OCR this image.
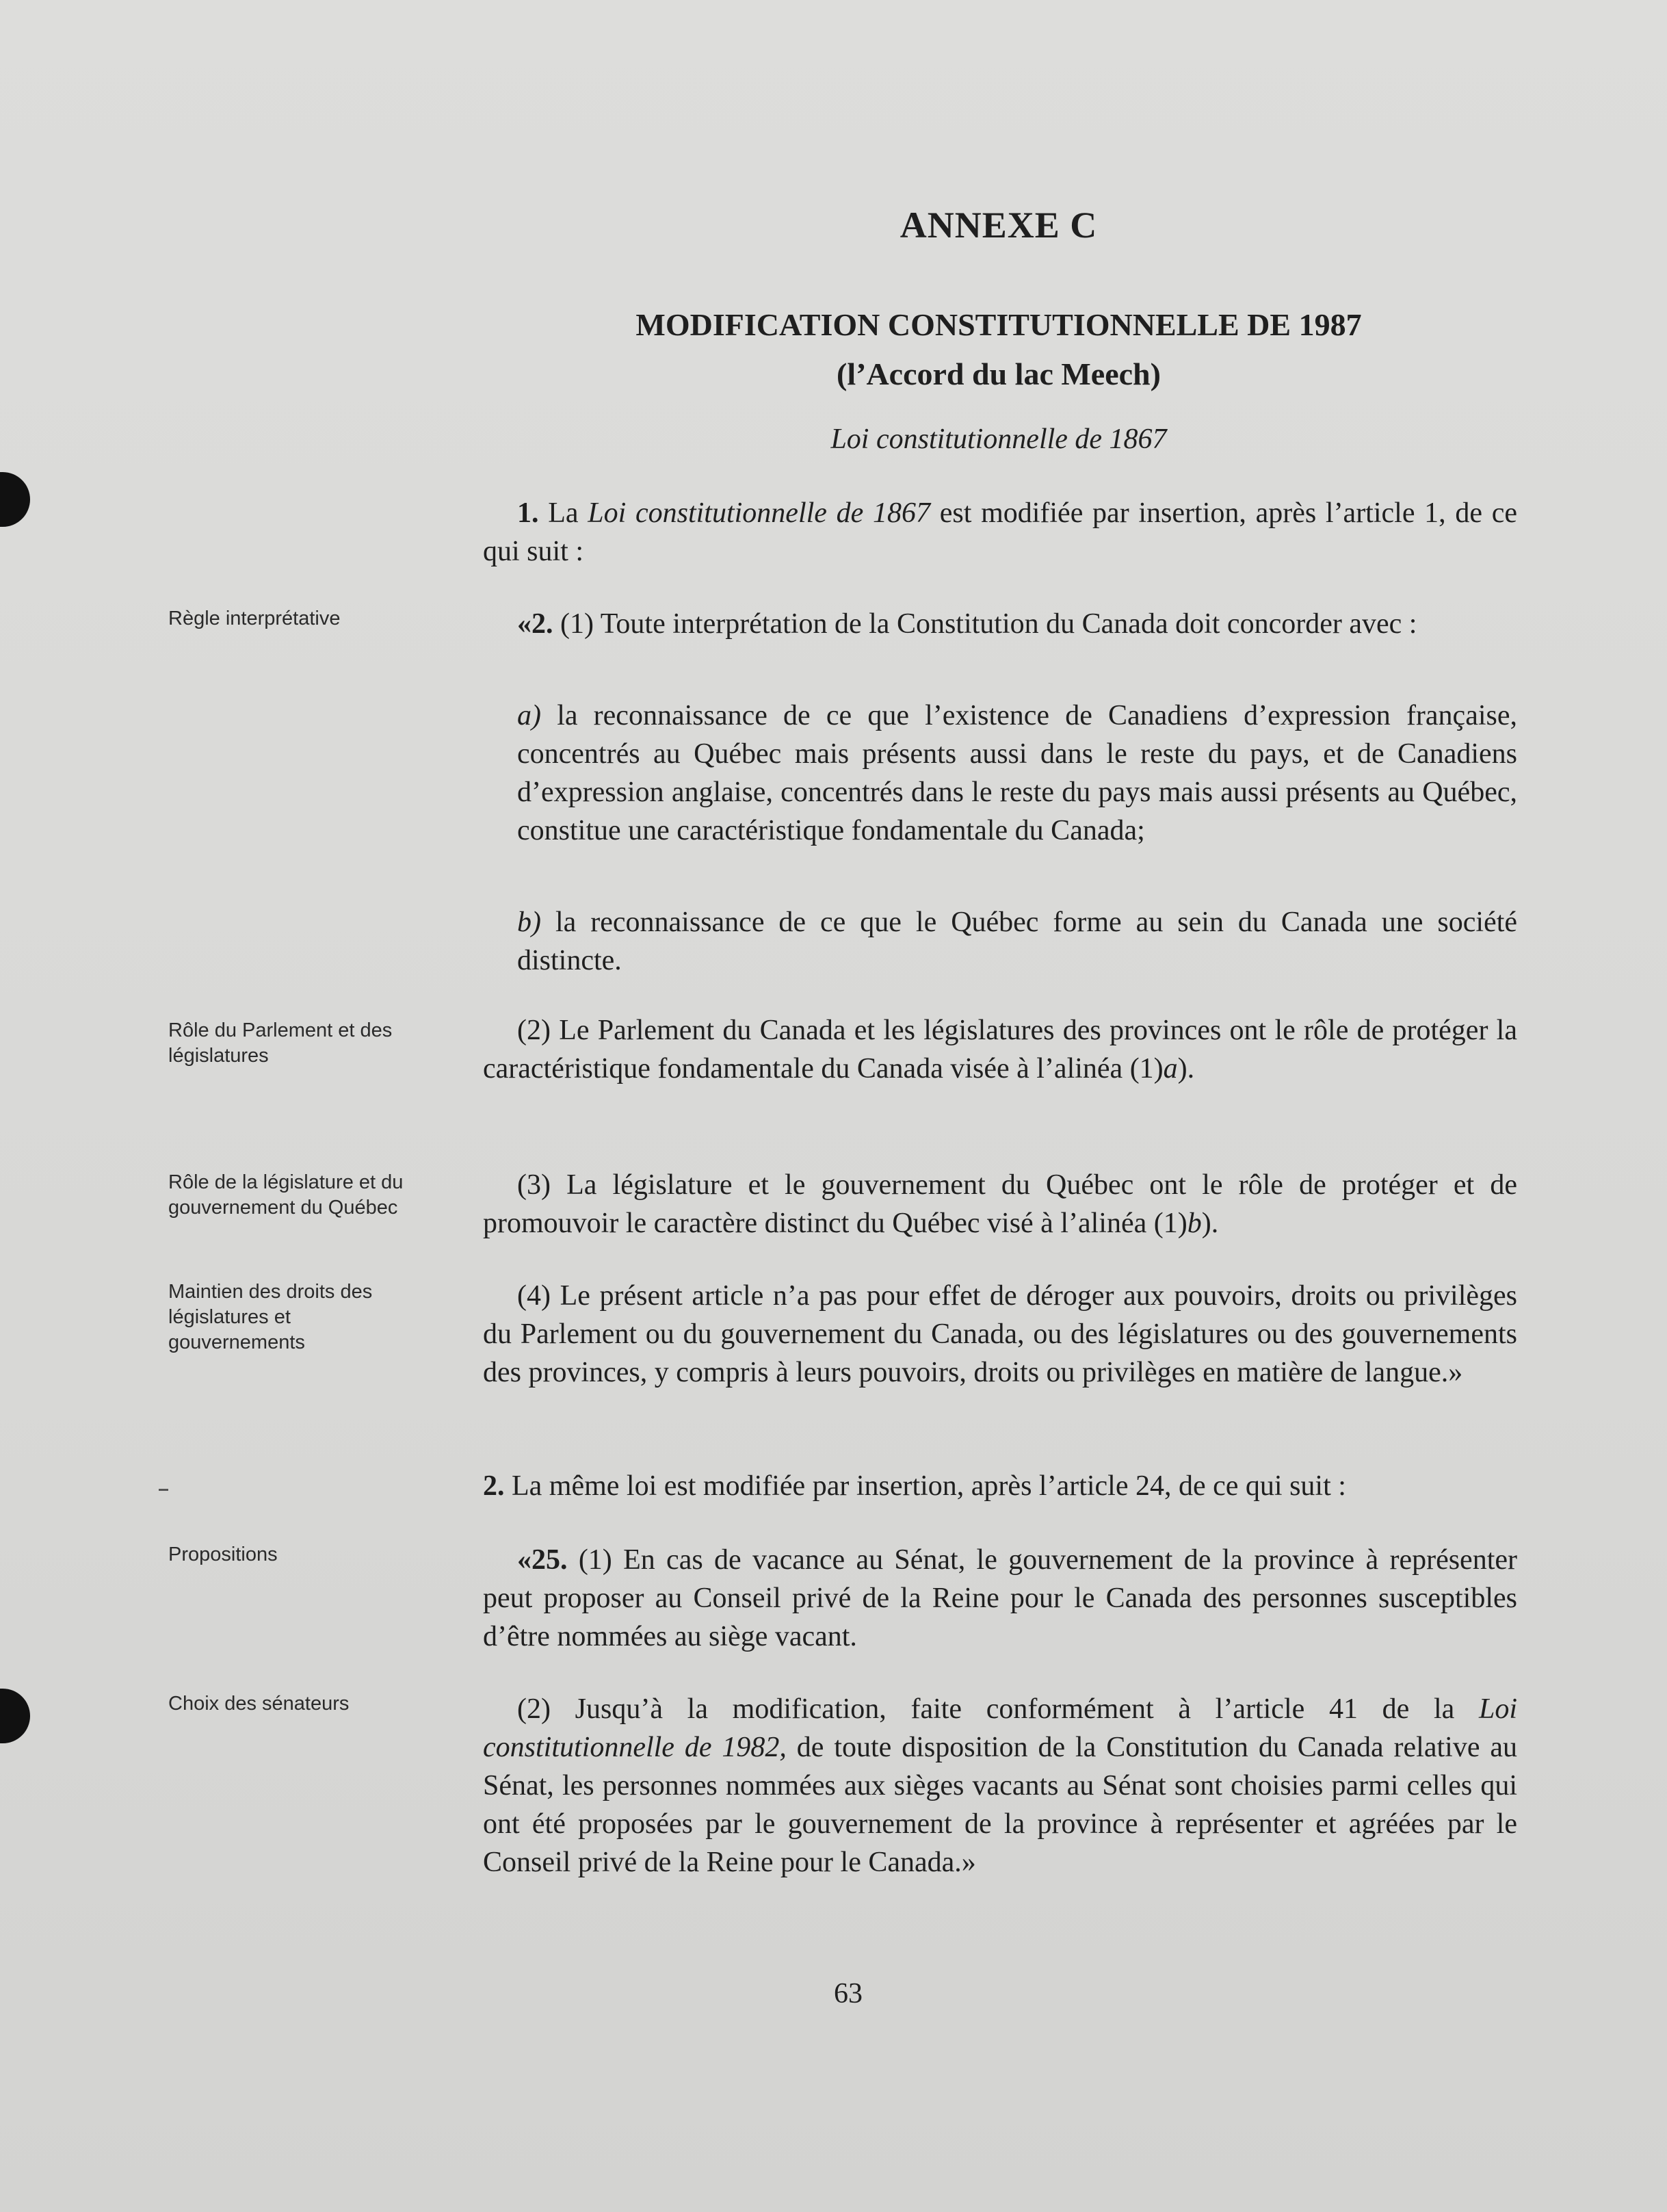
ANNEXE C
MODIFICATION CONSTITUTIONNELLE DE 1987
(l’Accord du lac Meech)
Loi constitutionnelle de 1867
1. La Loi constitutionnelle de 1867 est modifiée par insertion, après l’article 1, de ce qui suit :
Règle interprétative	«2. (1) Toute interprétation de la Constitution du Canada doit concorder avec :
a) la reconnaissance de ce que l’existence de Canadiens d’expression française, concentrés au Québec mais présents aussi dans le reste du pays, et de Canadiens d’expression anglaise, concentrés dans le reste du pays mais aussi présents au Québec, constitue une caractéristique fondamentale du Canada;
b) la reconnaissance de ce que le Québec forme au sein du Canada une société distincte.
Rôle du Parlement et des législatures
(2) Le Parlement du Canada et les législatures des provinces ont le rôle de protéger la caractéristique fondamentale du Canada visée à l’alinéa (1)a).
Rôle de la législature et du gouvernement du Québec
(3) La législature et le gouvernement du Québec ont le rôle de protéger et de promouvoir le caractère distinct du Québec visé à l’alinéa (1)b).
Maintien des droits des législatures et gouvernements
(4) Le présent article n’a pas pour effet de déroger aux pouvoirs, droits ou privilèges du Parlement ou du gouvernement du Canada, ou des législatures ou des gouvernements des provinces, y compris à leurs pouvoirs, droits ou privilèges en matière de langue.»
2. La même loi est modifiée par insertion, après l’article 24, de ce qui suit :
Propositions	«25. (1) En cas de vacance au Sénat, le gouvernement de la province à représenter peut proposer au Conseil privé de la Reine pour le Canada des personnes susceptibles d’être nommées au siège vacant.
Choix des sénateurs	(2) Jusqu’à la modification, faite conformément à l’article 41 de la Loi constitutionnelle de 1982, de toute disposition de la Constitution du Canada relative au Sénat, les personnes nommées aux sièges vacants au Sénat sont choisies parmi celles qui ont été proposées par le gouvernement de la province à représenter et agréées par le Conseil privé de la Reine pour le Canada.»
63
